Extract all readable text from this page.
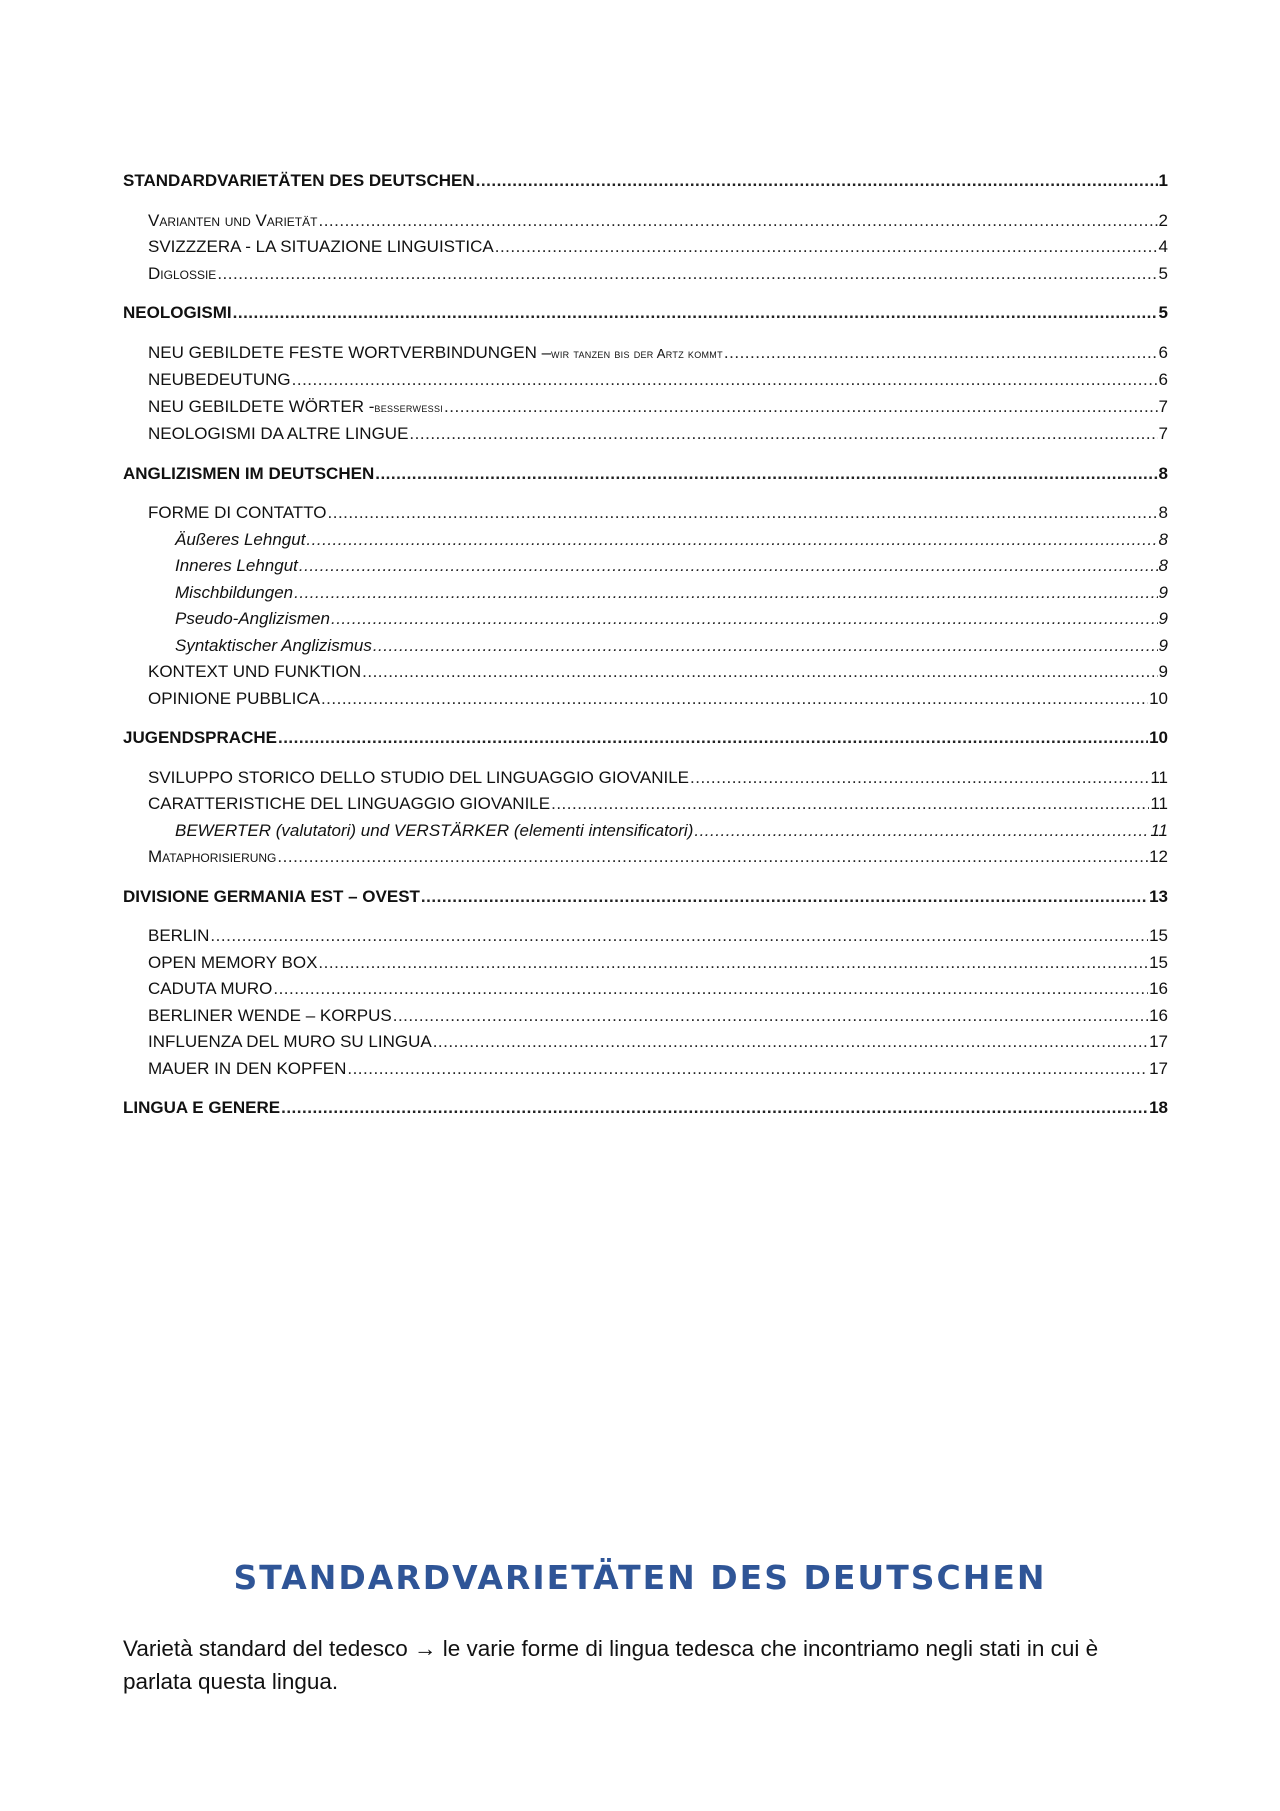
STANDARDVARIETÄTEN DES DEUTSCHEN .....	1
Varianten und Varietät .....	2
SVIZZZERA - LA SITUAZIONE LINGUISTICA .....	4
Diglossie .....	5
NEOLOGISMI .....	5
NEU GEBILDETE FESTE WORTVERBINDUNGEN – wir tanzen bis der Artz kommt .....	6
NEUBEDEUTUNG .....	6
NEU GEBILDETE WÖRTER - besserwessi .....	7
NEOLOGISMI DA ALTRE LINGUE .....	7
ANGLIZISMEN IM DEUTSCHEN .....	8
FORME DI CONTATTO .....	8
Äußeres Lehngut .....	8
Inneres Lehngut .....	8
Mischbildungen .....	9
Pseudo-Anglizismen .....	9
Syntaktischer Anglizismus .....	9
KONTEXT UND FUNKTION .....	9
OPINIONE PUBBLICA .....	10
JUGENDSPRACHE .....	10
SVILUPPO STORICO DELLO STUDIO DEL LINGUAGGIO GIOVANILE .....	11
CARATTERISTICHE DEL LINGUAGGIO GIOVANILE .....	11
BEWERTER (valutatori) und VERSTÄRKER (elementi intensificatori) .....	11
Mataphorisierung .....	12
DIVISIONE GERMANIA EST – OVEST .....	13
BERLIN .....	15
OPEN MEMORY BOX .....	15
CADUTA MURO .....	16
BERLINER WENDE – KORPUS .....	16
INFLUENZA DEL MURO SU LINGUA .....	17
MAUER IN DEN KOPFEN .....	17
LINGUA E GENERE .....	18
STANDARDVARIETÄTEN DES DEUTSCHEN

Varietà standard del tedesco → le varie forme di lingua tedesca che incontriamo negli stati in cui è parlata questa lingua.
